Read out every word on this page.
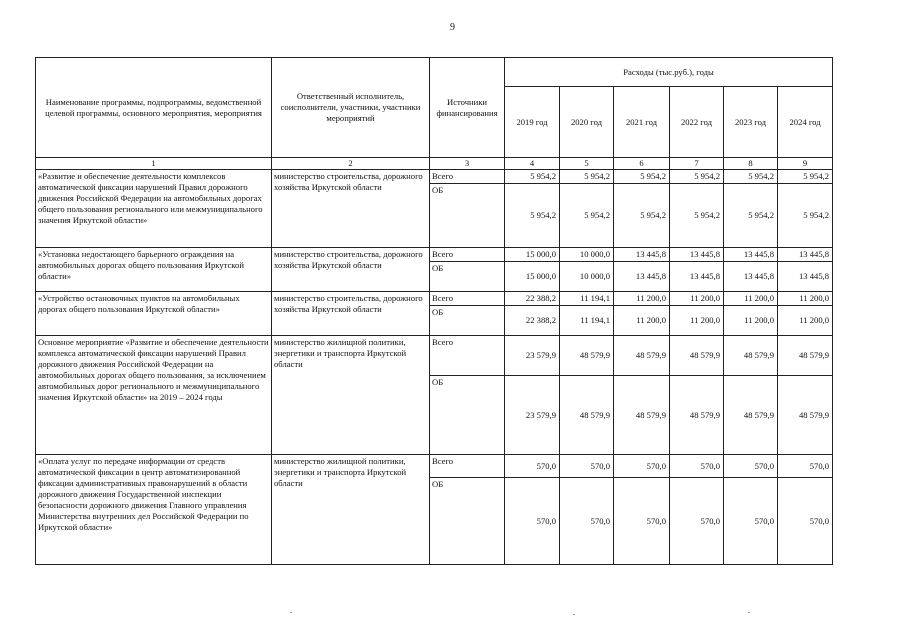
9
Наименование программы, подпрограммы, ведомственной целевой программы, основного мероприятия, мероприятия	Ответственный исполнитель, соисполнители, участники, участники мероприятий	Источники финансирования	Расходы (тыс.руб.), годы					
			2019 год	2020 год	2021 год	2022 год	2023 год	2024 год
1	2	3	4	5	6	7	8	9
«Развитие и обеспечение деятельности комплексов автоматической фиксации нарушений Правил дорожного движения Российской Федерации на автомобильных дорогах общего пользования регионального или межмуниципального значения Иркутской области»	министерство строительства, дорожного хозяйства Иркутской области	Всего	5 954,2	5 954,2	5 954,2	5 954,2	5 954,2	5 954,2
		ОБ	5 954,2	5 954,2	5 954,2	5 954,2	5 954,2	5 954,2
«Установка недостающего барьерного ограждения на автомобильных дорогах общего пользования Иркутской области»	министерство строительства, дорожного хозяйства Иркутской области	Всего	15 000,0	10 000,0	13 445,8	13 445,8	13 445,8	13 445,8
		ОБ	15 000,0	10 000,0	13 445,8	13 445,8	13 445,8	13 445,8
«Устройство остановочных пунктов на автомобильных дорогах общего пользования Иркутской области»	министерство строительства, дорожного хозяйства Иркутской области	Всего	22 388,2	11 194,1	11 200,0	11 200,0	11 200,0	11 200,0
		ОБ	22 388,2	11 194,1	11 200,0	11 200,0	11 200,0	11 200,0
Основное мероприятие «Развитие и обеспечение деятельности комплекса автоматической фиксации нарушений Правил дорожного движения Российской Федерации на автомобильных дорогах общего пользования, за исключением автомобильных дорог регионального и межмуниципального значения Иркутской области» на 2019 – 2024 годы	министерство жилищной политики, энергетики и транспорта Иркутской области	Всего	23 579,9	48 579,9	48 579,9	48 579,9	48 579,9	48 579,9
		ОБ	23 579,9	48 579,9	48 579,9	48 579,9	48 579,9	48 579,9
«Оплата услуг по передаче информации от средств автоматической фиксации в центр автоматизированной фиксации административных правонарушений в области дорожного движения Государственной инспекции безопасности дорожного движения Главного управления Министерства внутренних дел Российской Федерации по Иркутской области»	министерство жилищной политики, энергетики и транспорта Иркутской области	Всего	570,0	570,0	570,0	570,0	570,0	570,0
		ОБ	570,0	570,0	570,0	570,0	570,0	570,0
